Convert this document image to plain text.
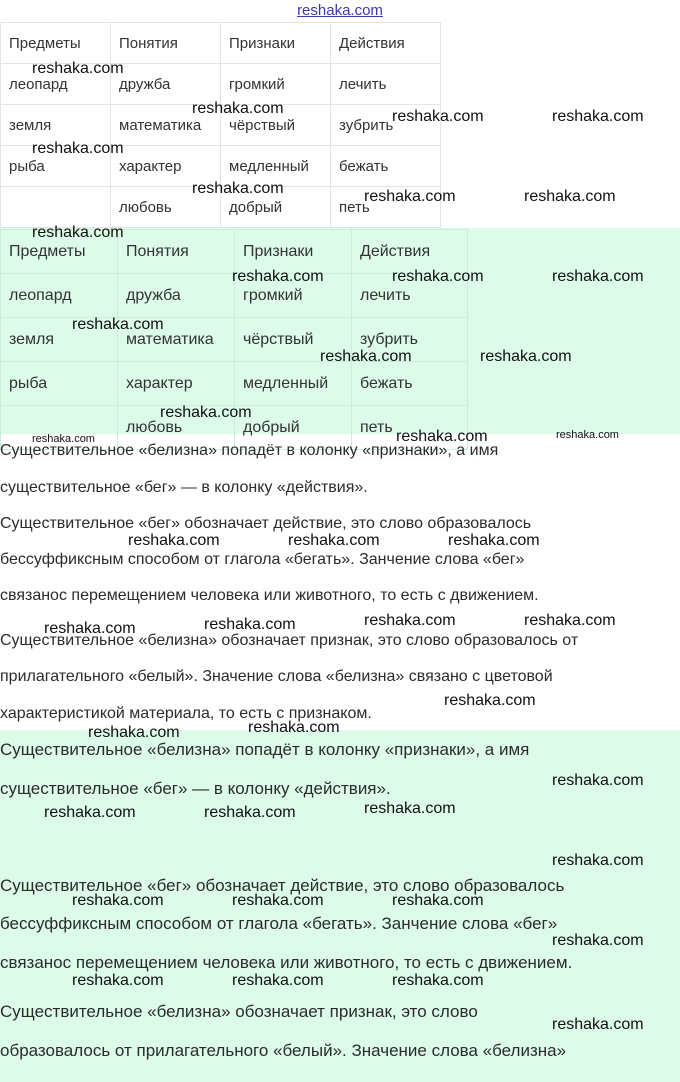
reshaka.com
Предметы	Понятия	Признаки	Действия
леопард	дружба	громкий	лечить
земля	математика	чёрствый	зубрить
рыба	характер	медленный	бежать
	любовь	добрый	петь
Предметы	Понятия	Признаки	Действия
леопард	дружба	громкий	лечить
земля	математика	чёрствый	зубрить
рыба	характер	медленный	бежать
	любовь	добрый	петь
Существительное «белизна» попадёт в колонку «признаки», а имя
существительное «бег» — в колонку «действия».
Существительное «бег» обозначает действие, это слово образовалось
бессуффиксным способом от глагола «бегать». Занчение слова «бег»
связанос перемещением человека или животного, то есть с движением.
Существительное «белизна» обозначает признак, это слово образовалось от
прилагательного «белый». Значение слова «белизна» связано с цветовой
характеристикой материала, то есть с признаком.
Существительное «белизна» попадёт в колонку «признаки», а имя
существительное «бег» — в колонку «действия».
Существительное «бег» обозначает действие, это слово образовалось
бессуффиксным способом от глагола «бегать». Занчение слова «бег»
связанос перемещением человека или животного, то есть с движением.
Существительное «белизна» обозначает признак, это слово
образовалось от прилагательного «белый». Значение слова «белизна»
reshaka.com
reshaka.com	reshaka.com	reshaka.com
reshaka.com
reshaka.com	reshaka.com	reshaka.com
reshaka.com
reshaka.com	reshaka.com	reshaka.com
reshaka.com
reshaka.com	reshaka.com
reshaka.com
reshaka.com	reshaka.com	reshaka.com
reshaka.com	reshaka.com	reshaka.com
reshaka.com	reshaka.com
reshaka.com	reshaka.com
reshaka.com
reshaka.com	reshaka.com
reshaka.com
reshaka.com
reshaka.com	reshaka.com
reshaka.com
reshaka.com	reshaka.com	reshaka.com
reshaka.com
reshaka.com	reshaka.com	reshaka.com
reshaka.com
